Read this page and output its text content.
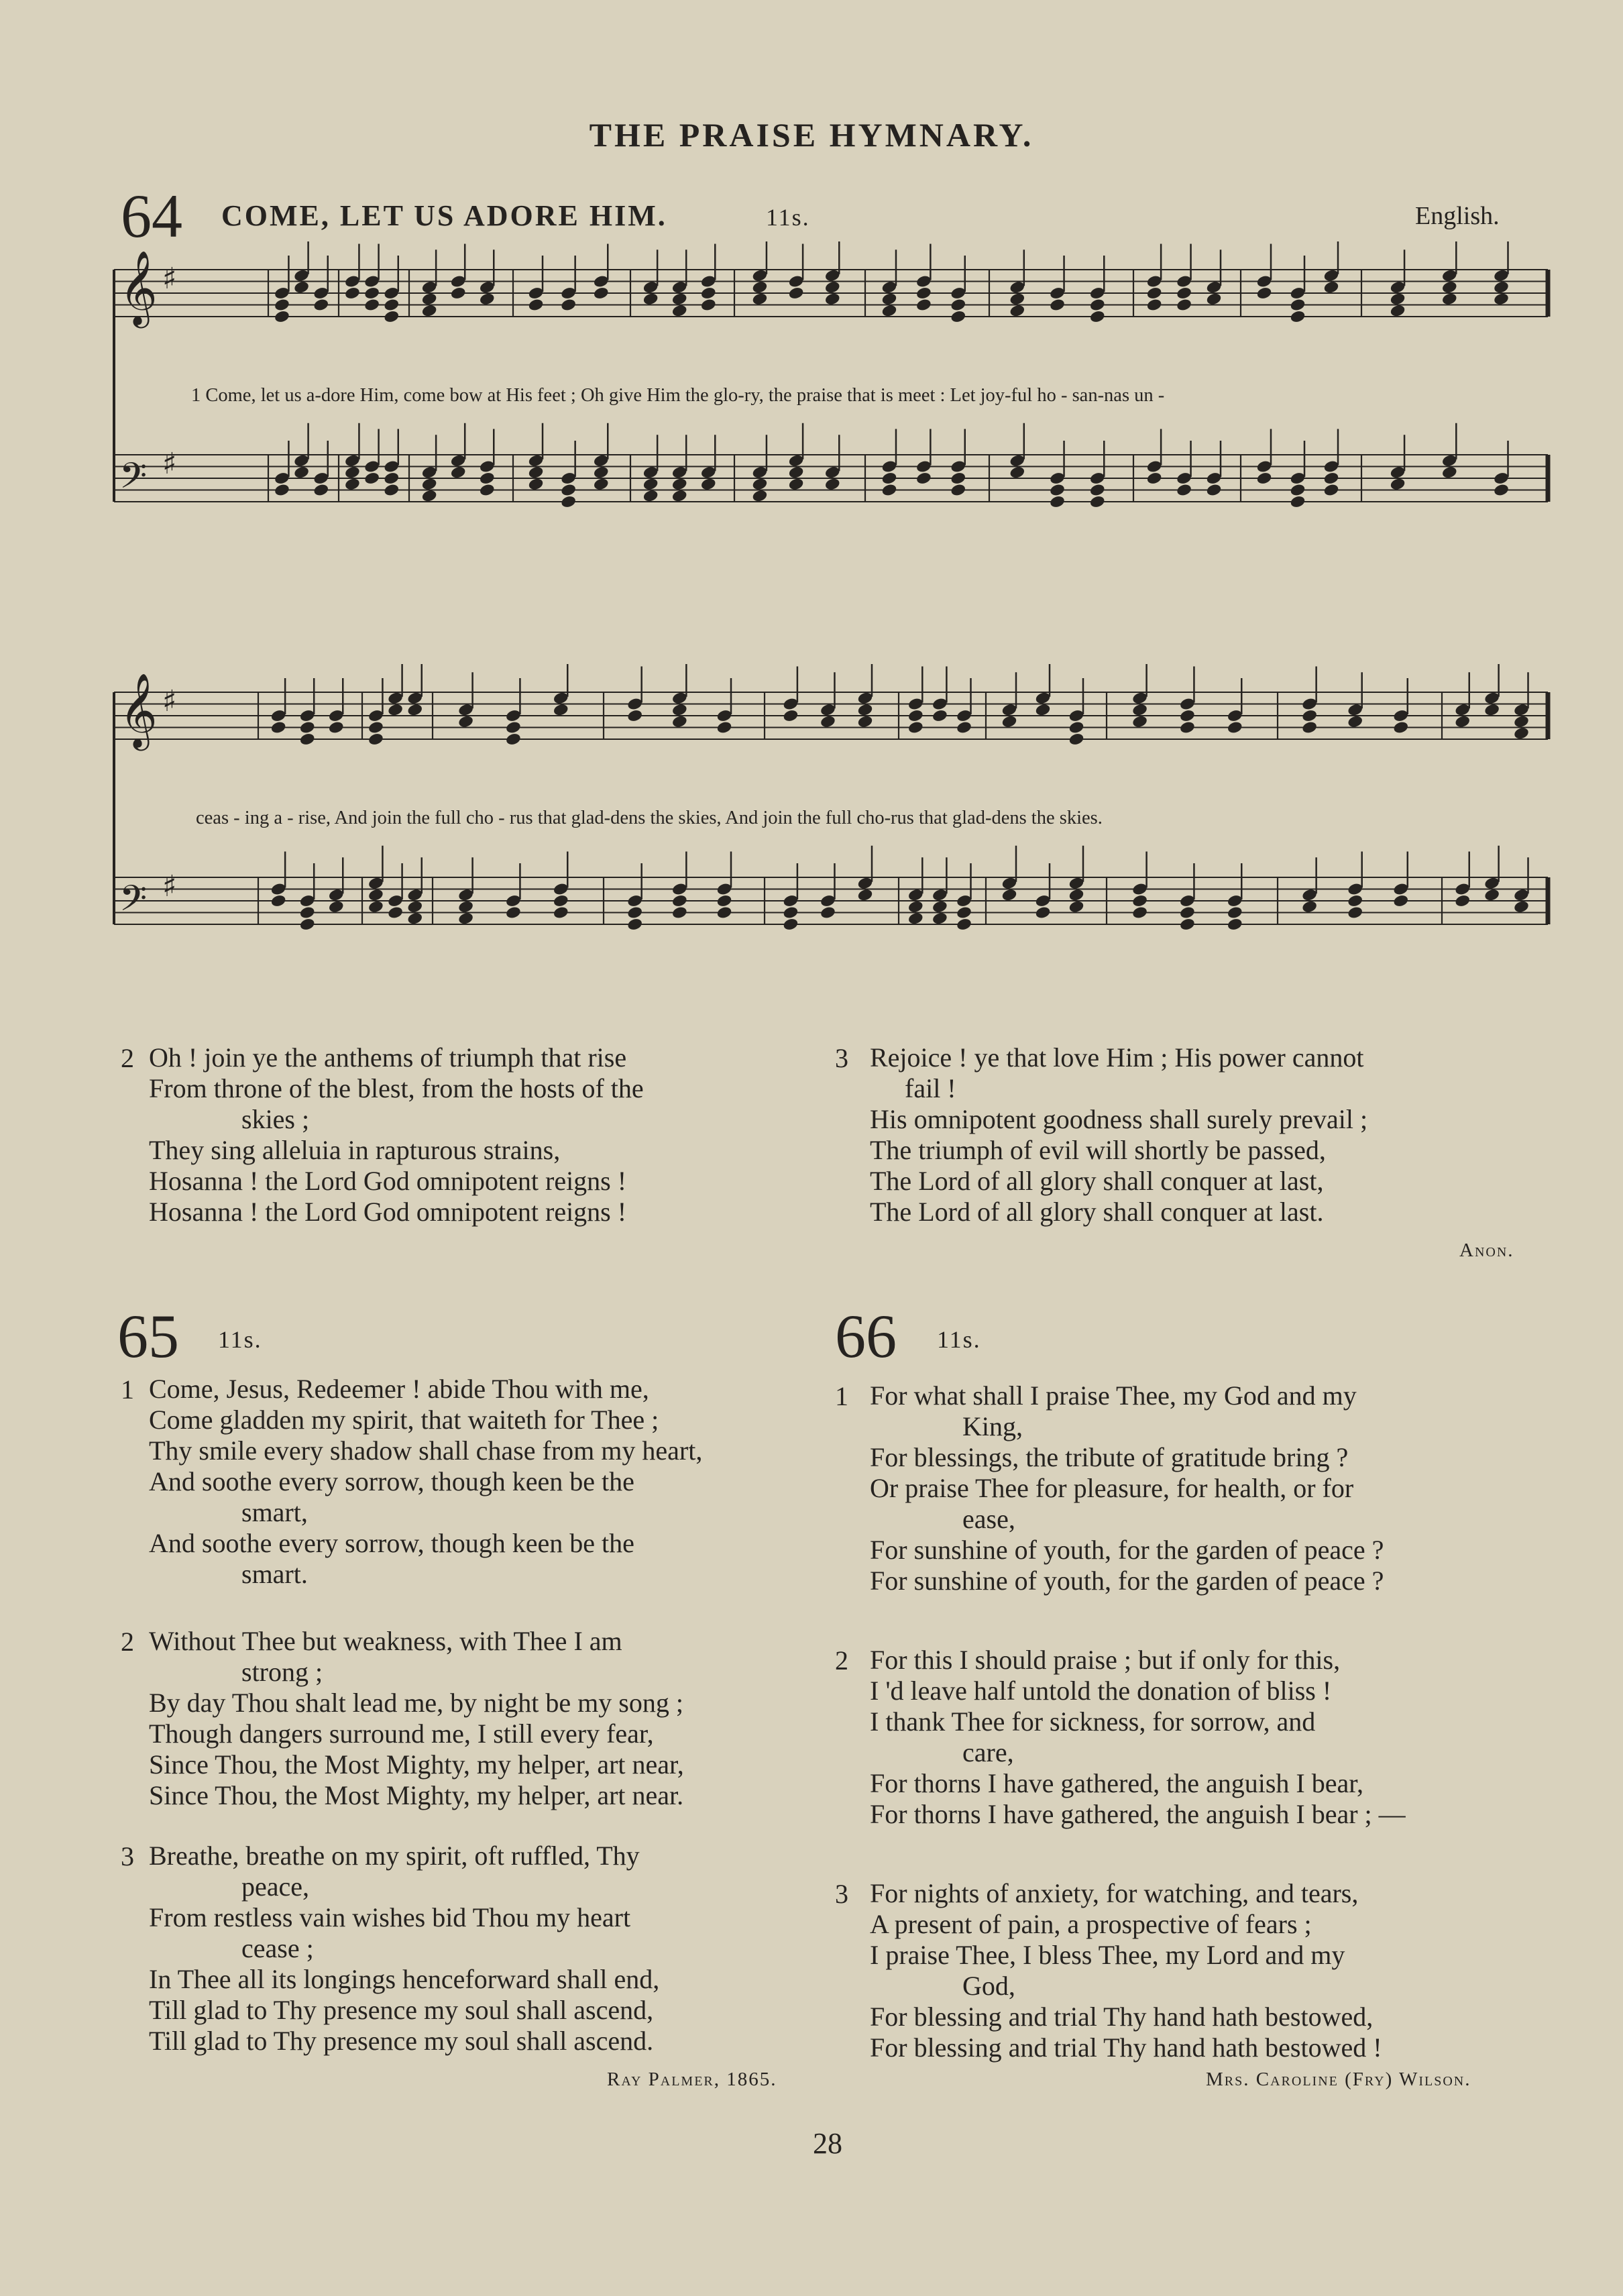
THE PRAISE HYMNARY.
64 COME, LET US ADORE HIM.	11s.	English.
𝄞 ♯
𝄢 ♯
1 Come, let us a-dore Him, come bow at His feet ; Oh give Him the glo-ry, the praise that is meet : Let joy-ful ho - san-nas un -
𝄞 ♯
𝄢 ♯
ceas - ing a - rise, And join the full cho - rus that glad-dens the skies, And join the full cho-rus that glad-dens the skies.
2 Oh ! join ye the anthems of triumph that rise
From throne of the blest, from the hosts of the
skies ;
They sing alleluia in rapturous strains,
Hosanna ! the Lord God omnipotent reigns !
Hosanna ! the Lord God omnipotent reigns !
3 Rejoice ! ye that love Him ; His power cannot
fail !
His omnipotent goodness shall surely prevail ;
The triumph of evil will shortly be passed,
The Lord of all glory shall conquer at last,
The Lord of all glory shall conquer at last.
Anon.
65 11s.
1 Come, Jesus, Redeemer ! abide Thou with me,
Come gladden my spirit, that waiteth for Thee ;
Thy smile every shadow shall chase from my heart,
And soothe every sorrow, though keen be the
smart,
And soothe every sorrow, though keen be the
smart.
2 Without Thee but weakness, with Thee I am
strong ;
By day Thou shalt lead me, by night be my song ;
Though dangers surround me, I still every fear,
Since Thou, the Most Mighty, my helper, art near,
Since Thou, the Most Mighty, my helper, art near.
3 Breathe, breathe on my spirit, oft ruffled, Thy
peace,
From restless vain wishes bid Thou my heart
cease ;
In Thee all its longings henceforward shall end,
Till glad to Thy presence my soul shall ascend,
Till glad to Thy presence my soul shall ascend.
Ray Palmer, 1865.
66 11s.
1 For what shall I praise Thee, my God and my
King,
For blessings, the tribute of gratitude bring ?
Or praise Thee for pleasure, for health, or for
ease,
For sunshine of youth, for the garden of peace ?
For sunshine of youth, for the garden of peace ?
2 For this I should praise ; but if only for this,
I 'd leave half untold the donation of bliss !
I thank Thee for sickness, for sorrow, and
care,
For thorns I have gathered, the anguish I bear,
For thorns I have gathered, the anguish I bear ; —
3 For nights of anxiety, for watching, and tears,
A present of pain, a prospective of fears ;
I praise Thee, I bless Thee, my Lord and my
God,
For blessing and trial Thy hand hath bestowed,
For blessing and trial Thy hand hath bestowed !
Mrs. Caroline (Fry) Wilson.
28
